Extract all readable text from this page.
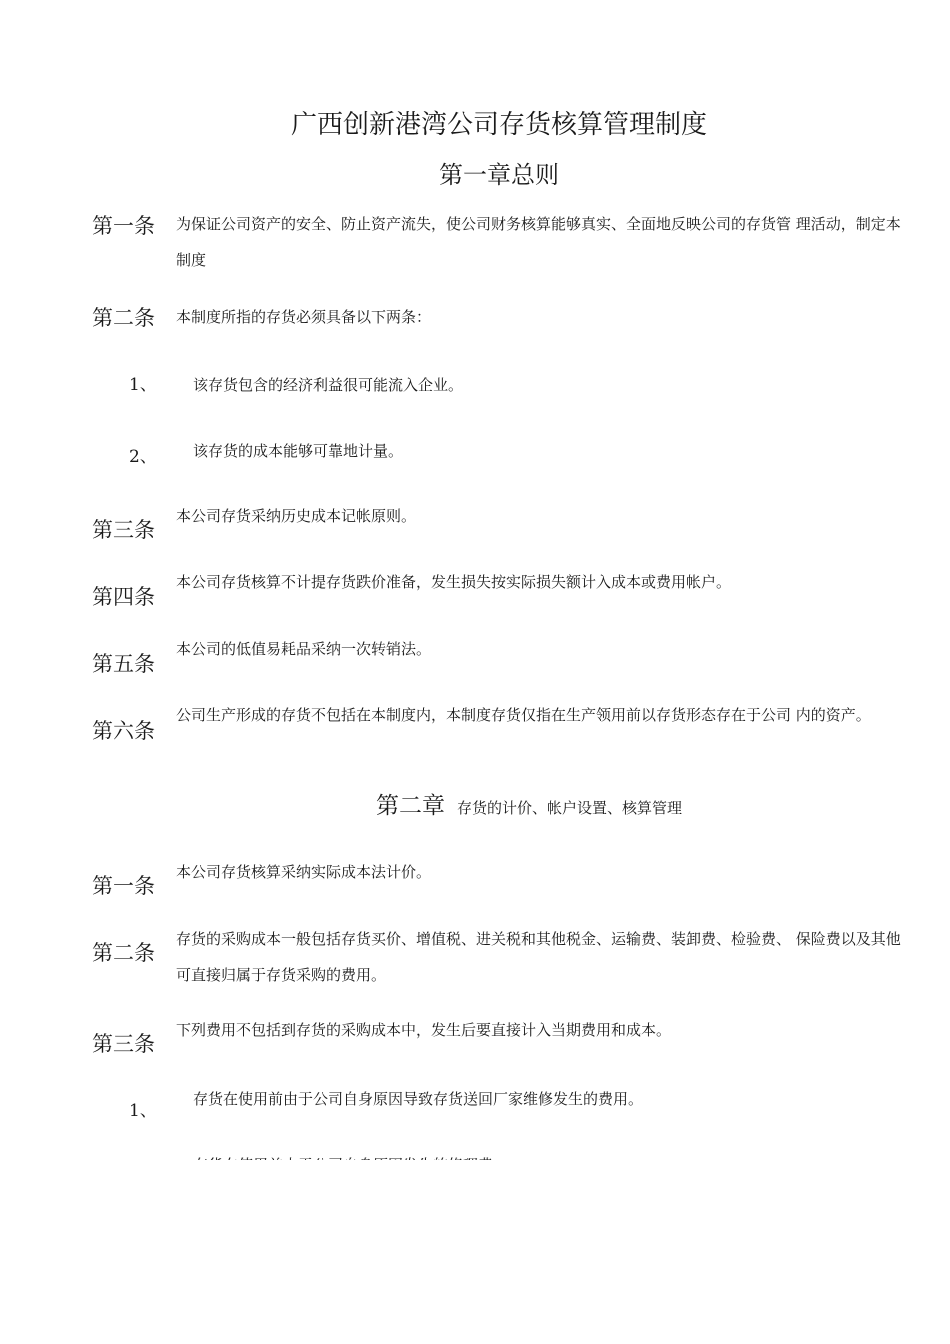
广西创新港湾公司存货核算管理制度
第一章总则
第一条 为保证公司资产的安全、防止资产流失，使公司财务核算能够真实、全面地反映公司的存货管 理活动，制定本制度
第二条 本制度所指的存货必须具备以下两条：
1、 该存货包含的经济利益很可能流入企业。
2、 该存货的成本能够可靠地计量。
第三条
本公司存货采纳历史成本记帐原则。
第四条
本公司存货核算不计提存货跌价准备，发生损失按实际损失额计入成本或费用帐户。
第五条
本公司的低值易耗品采纳一次转销法。
第六条
公司生产形成的存货不包括在本制度内，本制度存货仅指在生产领用前以存货形态存在于公司 内的资产。
第二章 存货的计价、帐户设置、核算管理
第一条
本公司存货核算采纳实际成本法计价。
第二条
存货的采购成本一般包括存货买价、增值税、进关税和其他税金、运输费、装卸费、检验费、 保险费以及其他可直接归属于存货采购的费用。
第三条
下列费用不包括到存货的采购成本中，发生后要直接计入当期费用和成本。
1、
存货在使用前由于公司自身原因导致存货送回厂家维修发生的费用。
